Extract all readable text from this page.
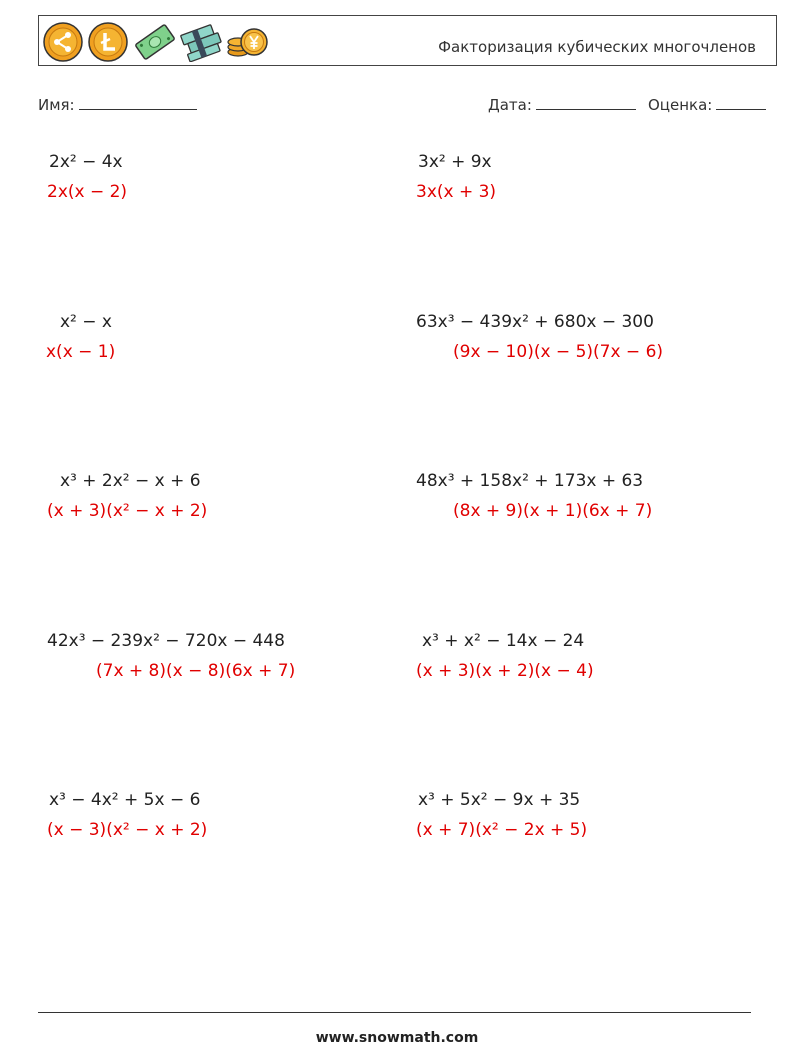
Факторизация кубических многочленов
Имя:	Дата:	Оценка:
2x² − 4x
2x(x − 2)
3x² + 9x
3x(x + 3)
x² − x
x(x − 1)
63x³ − 439x² + 680x − 300
(9x − 10)(x − 5)(7x − 6)
x³ + 2x² − x + 6
(x + 3)(x² − x + 2)
48x³ + 158x² + 173x + 63
(8x + 9)(x + 1)(6x + 7)
42x³ − 239x² − 720x − 448
(7x + 8)(x − 8)(6x + 7)
x³ + x² − 14x − 24
(x + 3)(x + 2)(x − 4)
x³ − 4x² + 5x − 6
(x − 3)(x² − x + 2)
x³ + 5x² − 9x + 35
(x + 7)(x² − 2x + 5)
www.snowmath.com
